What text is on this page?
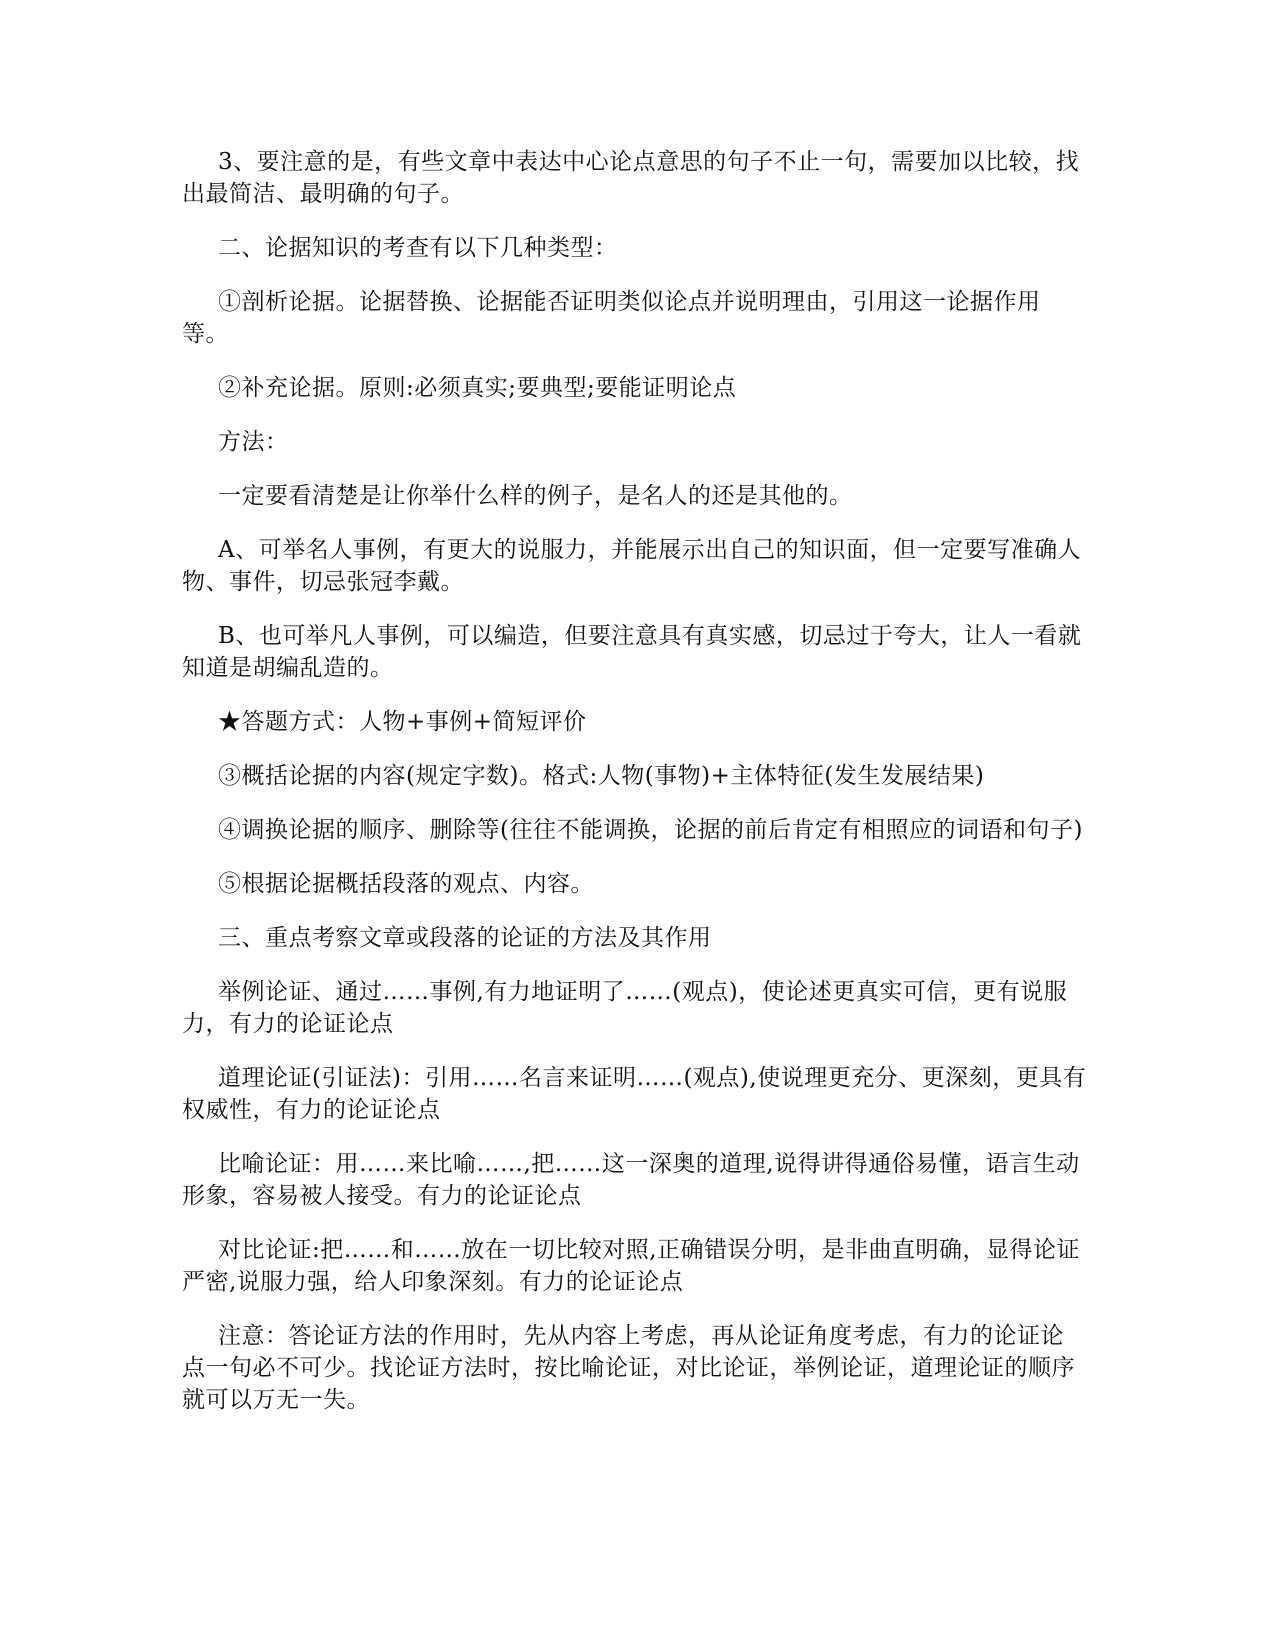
3、要注意的是，有些文章中表达中心论点意思的句子不止一句，需要加以比较，找出最简洁、最明确的句子。

二、论据知识的考查有以下几种类型：

①剖析论据。论据替换、论据能否证明类似论点并说明理由，引用这一论据作用等。

②补充论据。原则:必须真实;要典型;要能证明论点

方法：

一定要看清楚是让你举什么样的例子，是名人的还是其他的。

A、可举名人事例，有更大的说服力，并能展示出自己的知识面，但一定要写准确人物、事件，切忌张冠李戴。

B、也可举凡人事例，可以编造，但要注意具有真实感，切忌过于夸大，让人一看就知道是胡编乱造的。

★答题方式：人物+事例+简短评价

③概括论据的内容(规定字数)。格式:人物(事物)+主体特征(发生发展结果)

④调换论据的顺序、删除等(往往不能调换，论据的前后肯定有相照应的词语和句子)

⑤根据论据概括段落的观点、内容。

三、重点考察文章或段落的论证的方法及其作用

举例论证、通过……事例,有力地证明了……(观点)，使论述更真实可信，更有说服力，有力的论证论点

道理论证(引证法)：引用……名言来证明……(观点),使说理更充分、更深刻，更具有权威性，有力的论证论点

比喻论证：用……来比喻……,把……这一深奥的道理,说得讲得通俗易懂，语言生动形象，容易被人接受。有力的论证论点

对比论证:把……和……放在一切比较对照,正确错误分明，是非曲直明确，显得论证严密,说服力强，给人印象深刻。有力的论证论点

注意：答论证方法的作用时，先从内容上考虑，再从论证角度考虑，有力的论证论点一句必不可少。找论证方法时，按比喻论证，对比论证，举例论证，道理论证的顺序就可以万无一失。
